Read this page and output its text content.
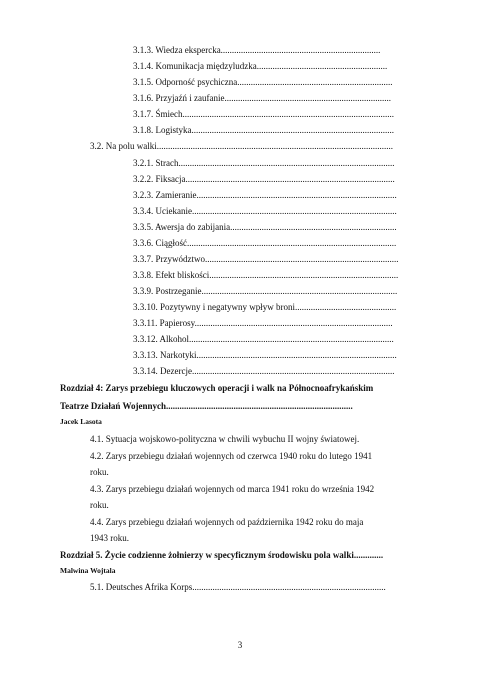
3.1.3. Wiedza ekspercka.......................................................................
3.1.4. Komunikacja międzyludzka..........................................................
3.1.5. Odporność psychiczna.....................................................................
3.1.6. Przyjaźń i zaufanie..........................................................................
3.1.7. Śmiech..............................................................................................
3.1.8. Logistyka..........................................................................................
3.2. Na polu walki.........................................................................................................
3.2.1. Strach................................................................................................
3.2.2. Fiksacja.............................................................................................
3.2.3. Zamieranie.........................................................................................
3.3.4. Uciekanie...........................................................................................
3.3.5. Awersja do zabijania..........................................................................
3.3.6. Ciągłość.............................................................................................
3.3.7. Przywództwo......................................................................................
3.3.8. Efekt bliskości....................................................................................
3.3.9. Postrzeganie.......................................................................................
3.3.10. Pozytywny i negatywny wpływ broni.............................................
3.3.11. Papierosy........................................................................................
3.3.12. Alkohol...........................................................................................
3.3.13. Narkotyki.........................................................................................
3.3.14. Dezercje..........................................................................................
Rozdział 4: Zarys przebiegu kluczowych operacji i walk na Północnoafrykańskim
Teatrze Działań Wojennych...................................................................................
Jacek Lasota
4.1. Sytuacja wojskowo-polityczna w chwili wybuchu II wojny światowej.
4.2. Zarys przebiegu działań wojennych od czerwca 1940 roku do lutego 1941
roku.
4.3. Zarys przebiegu działań wojennych od marca 1941 roku do września 1942
roku.
4.4. Zarys przebiegu działań wojennych od października 1942 roku do maja
1943 roku.
Rozdział 5. Życie codzienne żołnierzy w specyficznym środowisku pola walki.............
5.1. Deutsches Afrika Korps......................................................................................
Malwina Wojtala
3
